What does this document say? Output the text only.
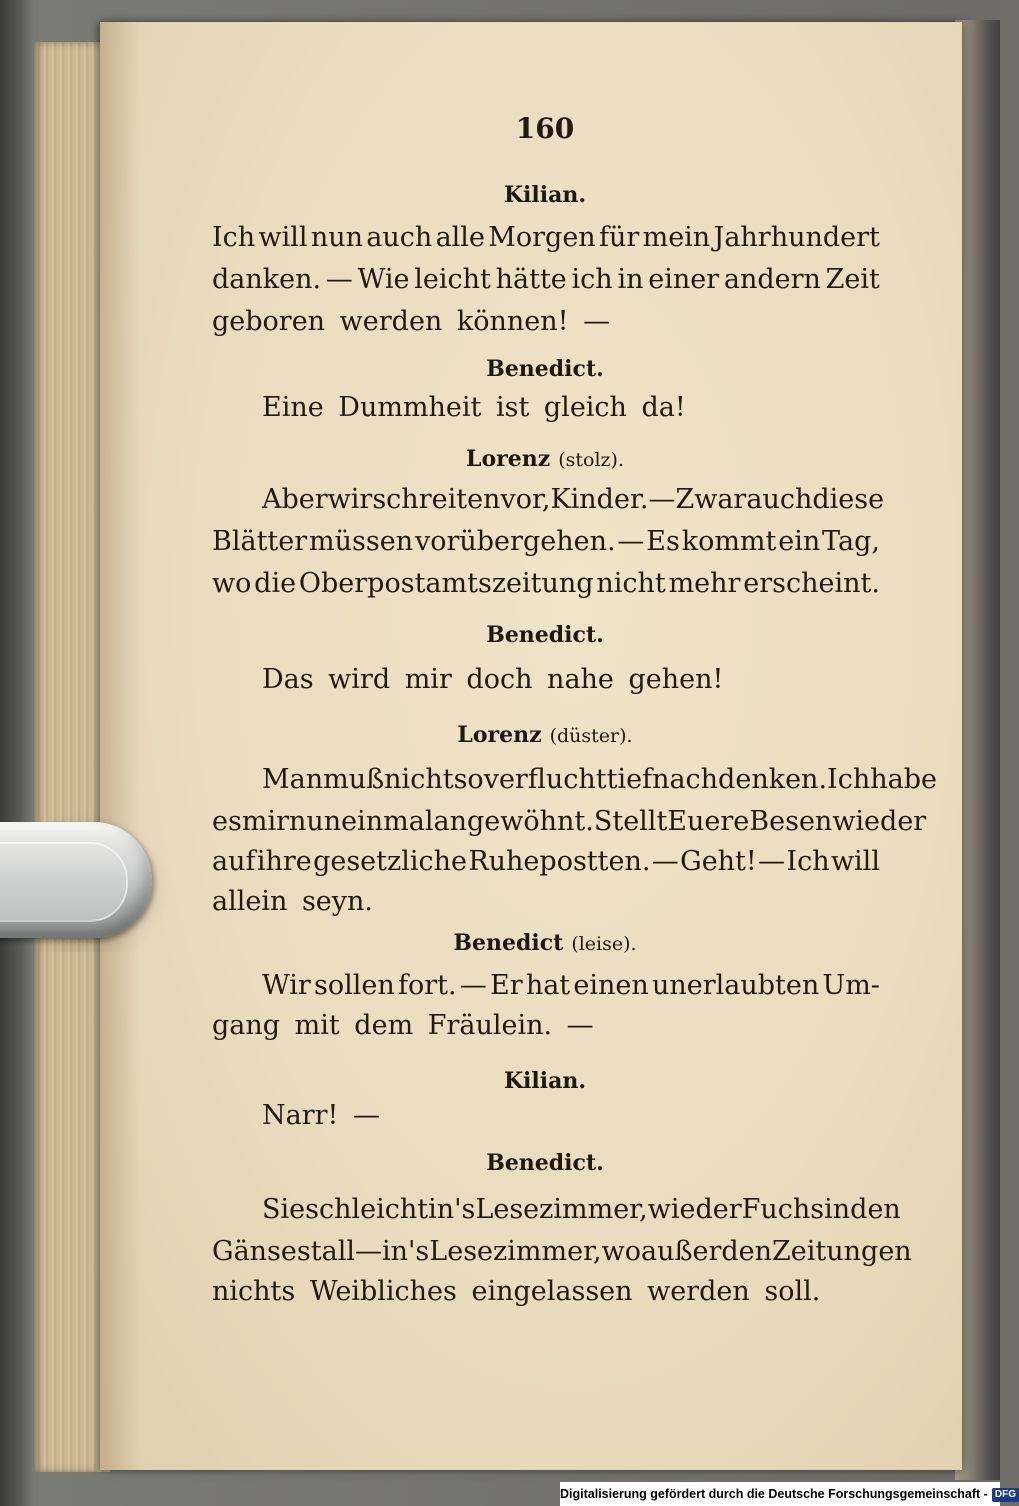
160
Kilian.
Ich will nun auch alle Morgen für mein Jahrhundert
danken. — Wie leicht hätte ich in einer andern Zeit
geboren werden können! —
Benedict.
Eine Dummheit ist gleich da!
Lorenz (stolz).
Aber wir schreiten vor, Kinder. — Zwar auch diese
Blätter müssen vorübergehen. — Es kommt ein Tag,
wo die Oberpostamtszeitung nicht mehr erscheint.
Benedict.
Das wird mir doch nahe gehen!
Lorenz (düster).
Man muß nicht so verflucht tief nachdenken. Ich habe
es mir nun einmal angewöhnt. Stellt Euere Besen wieder
auf ihre gesetzliche Ruhepostten. — Geht! — Ich will
allein seyn.
Benedict (leise).
Wir sollen fort. — Er hat einen unerlaubten Um-
gang mit dem Fräulein. —
Kilian.
Narr! —
Benedict.
Sie schleicht in's Lesezimmer, wie der Fuchs in den
Gänsestall — in's Lesezimmer, wo außer den Zeitungen
nichts Weibliches eingelassen werden soll.
Digitalisierung gefördert durch die Deutsche Forschungsgemeinschaft - DFG
